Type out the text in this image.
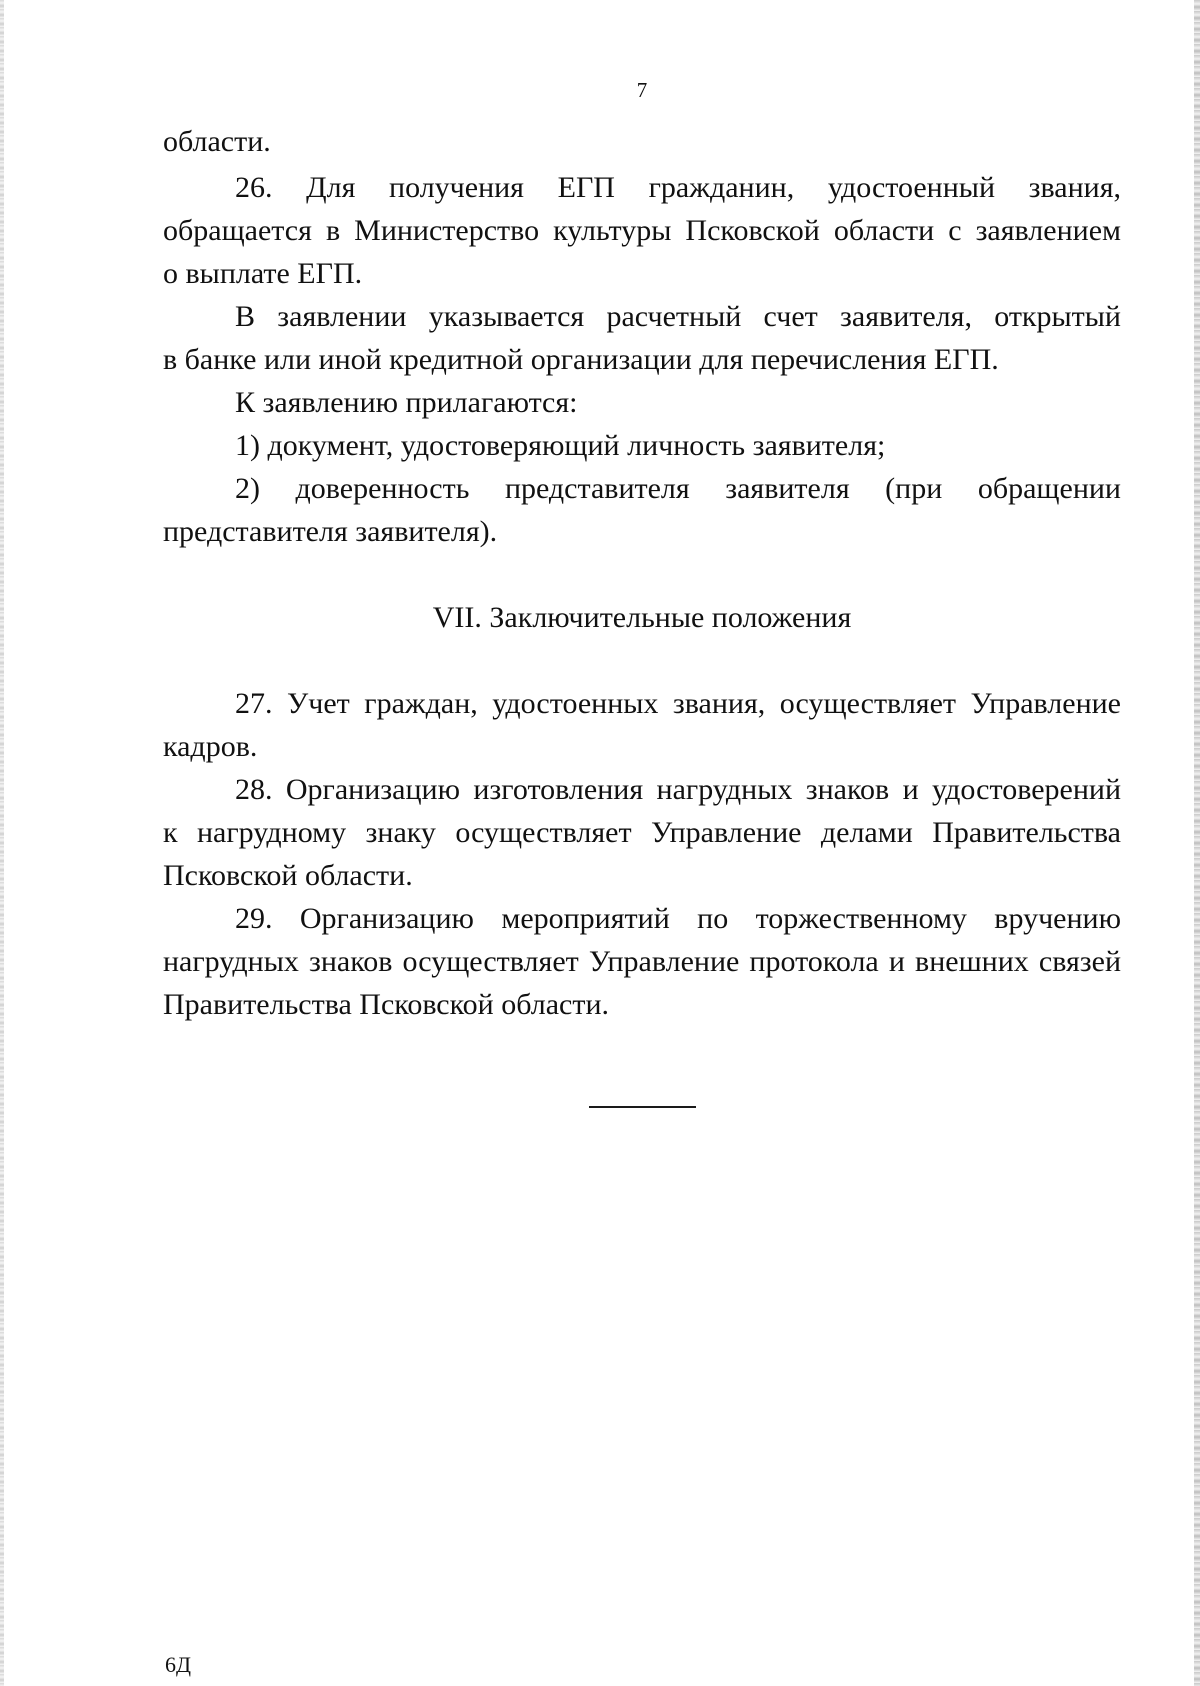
7
области.
26. Для получения ЕГП гражданин, удостоенный звания,
обращается в Министерство культуры Псковской области с заявлением
о выплате ЕГП.
В заявлении указывается расчетный счет заявителя, открытый
в банке или иной кредитной организации для перечисления ЕГП.
К заявлению прилагаются:
1) документ, удостоверяющий личность заявителя;
2) доверенность представителя заявителя (при обращении
представителя заявителя).
VII. Заключительные положения
27. Учет граждан, удостоенных звания, осуществляет Управление
кадров.
28. Организацию изготовления нагрудных знаков и удостоверений
к нагрудному знаку осуществляет Управление делами Правительства
Псковской области.
29. Организацию мероприятий по торжественному вручению
нагрудных знаков осуществляет Управление протокола и внешних связей
Правительства Псковской области.
6Д
